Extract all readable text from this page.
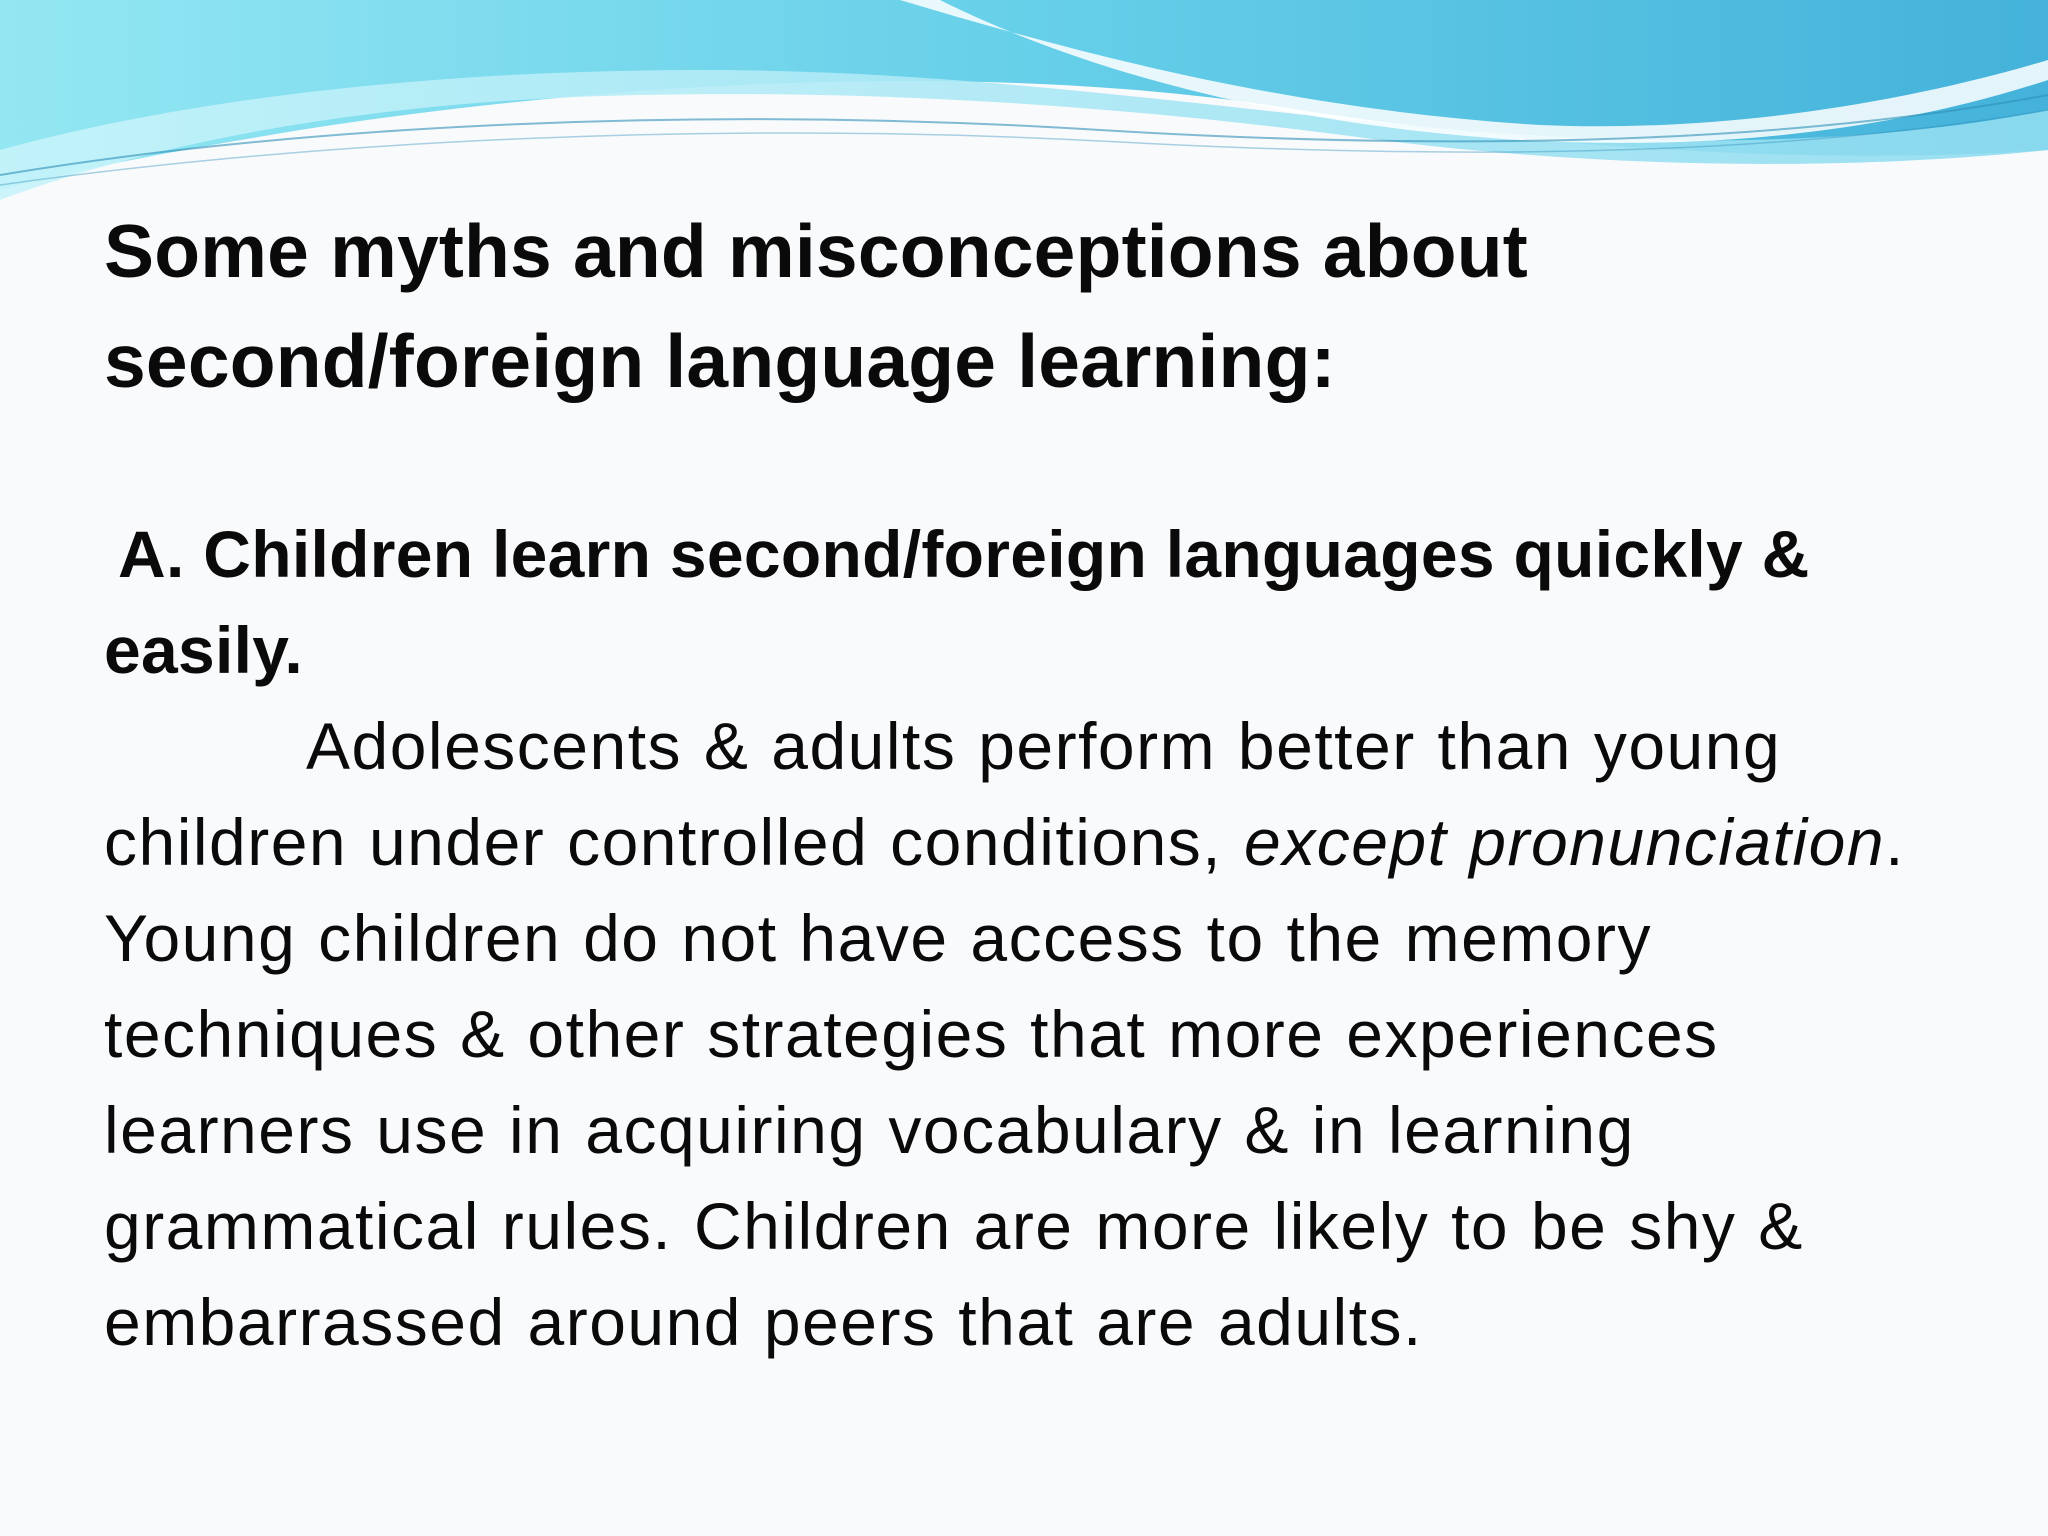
Some myths and misconceptions about
second/foreign language learning:

A. Children learn second/foreign languages quickly & easily.

Adolescents & adults perform better than young children under controlled conditions, except pronunciation. Young children do not have access to the memory techniques & other strategies that more experiences learners use in acquiring vocabulary & in learning grammatical rules. Children are more likely to be shy & embarrassed around peers that are adults.
